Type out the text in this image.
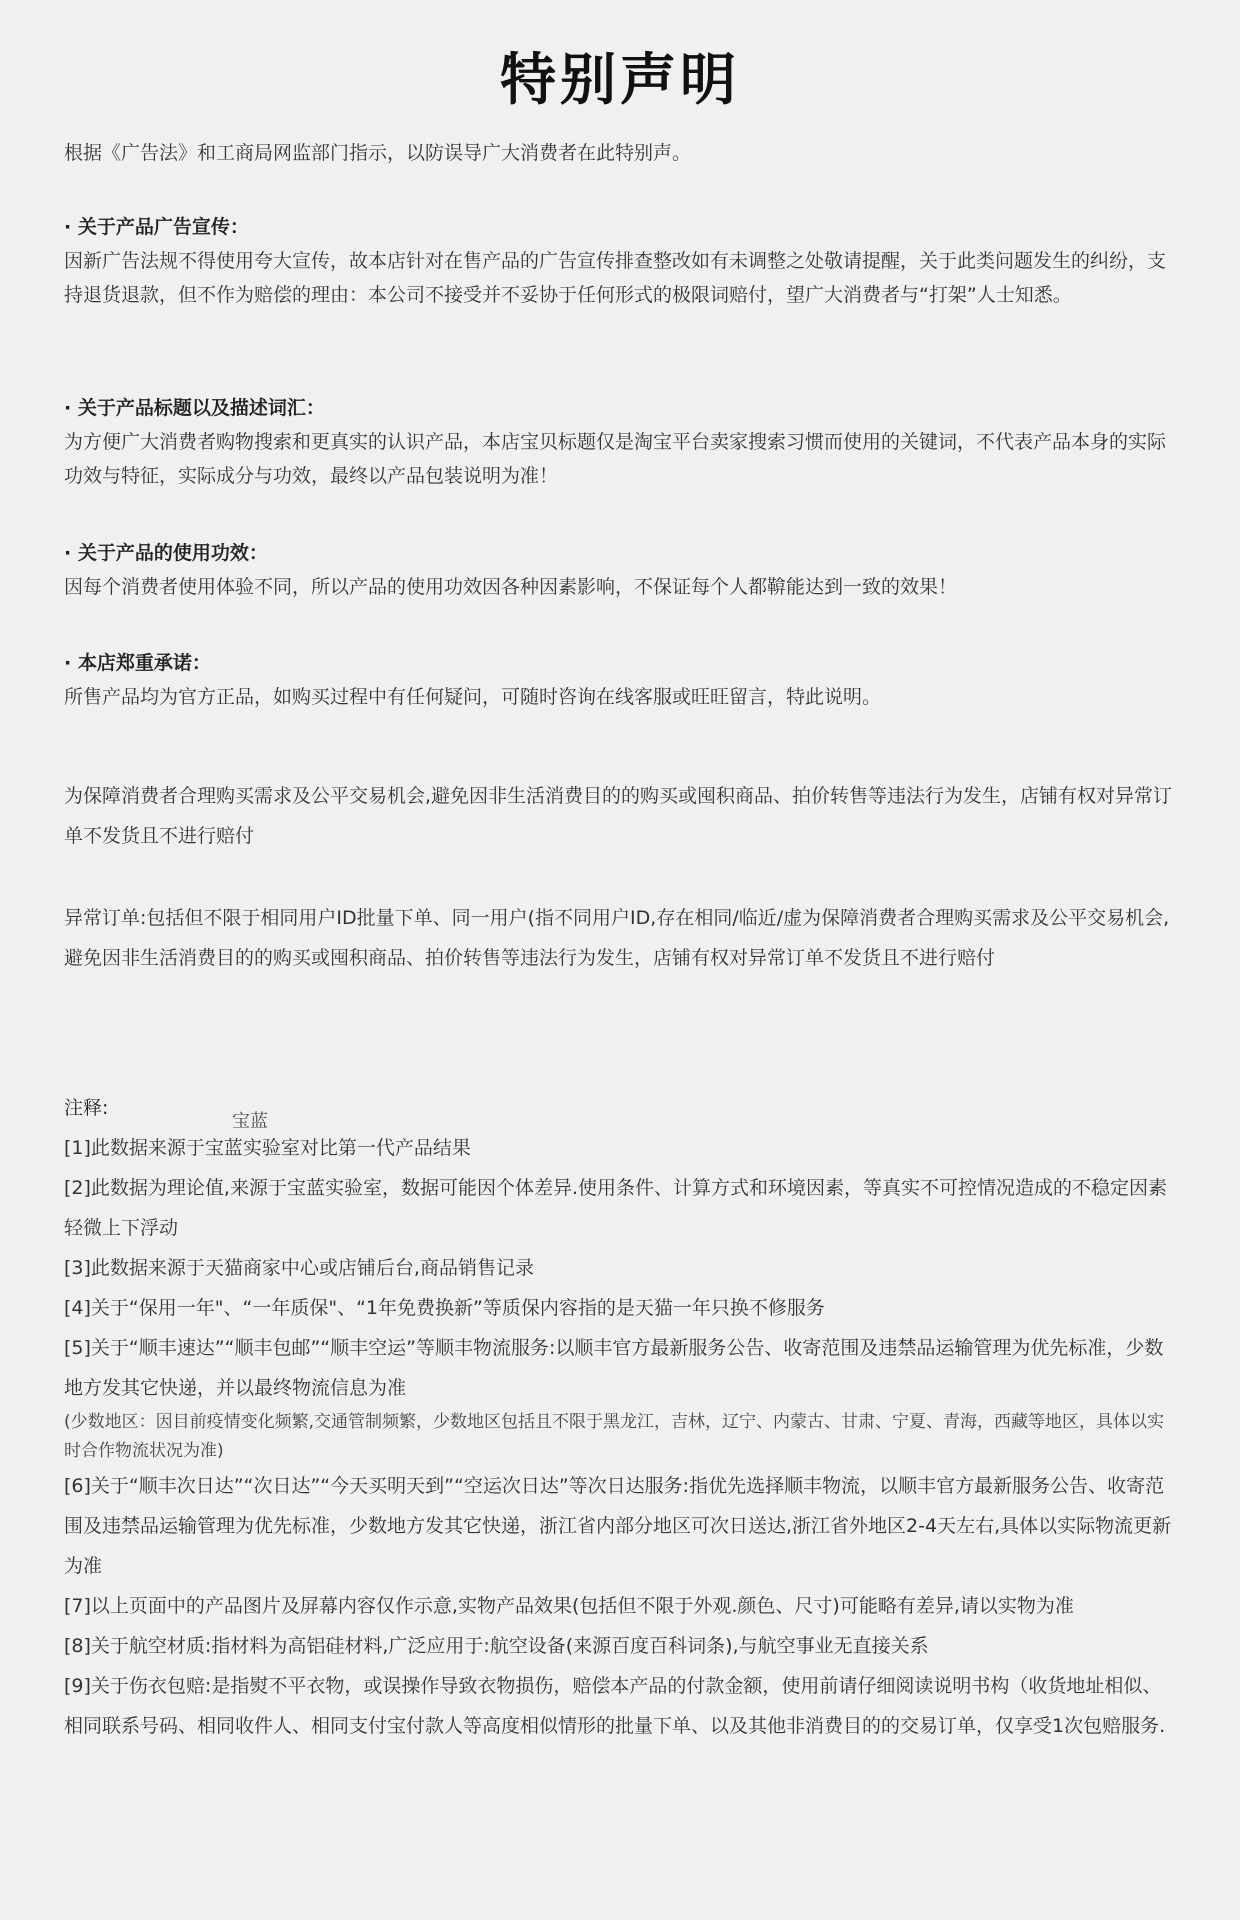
特别声明

根据《广告法》和工商局网监部门指示，以防误导广大消费者在此特别声。

· 关于产品广告宣传：

因新广告法规不得使用夸大宣传，故本店针对在售产品的广告宣传排查整改如有未调整之处敬请提醒，关于此类问题发生的纠纷，支持退货退款，但不作为赔偿的理由：本公司不接受并不妥协于任何形式的极限词赔付，望广大消费者与“打架”人士知悉。

· 关于产品标题以及描述词汇：

为方便广大消费者购物搜索和更真实的认识产品，本店宝贝标题仅是淘宝平台卖家搜索习惯而使用的关键词，不代表产品本身的实际功效与特征，实际成分与功效，最终以产品包装说明为准！

· 关于产品的使用功效：

因每个消费者使用体验不同，所以产品的使用功效因各种因素影响，不保证每个人都鞥能达到一致的效果！

· 本店郑重承诺：

所售产品均为官方正品，如购买过程中有任何疑问，可随时咨询在线客服或旺旺留言，特此说明。

为保障消费者合理购买需求及公平交易机会,避免因非生活消费目的的购买或囤积商品、拍价转售等违法行为发生，店铺有权对异常订单不发货且不进行赔付

异常订单:包括但不限于相同用户ID批量下单、同一用户(指不同用户ID,存在相同/临近/虚为保障消费者合理购买需求及公平交易机会,避免因非生活消费目的的购买或囤积商品、拍价转售等违法行为发生，店铺有权对异常订单不发货且不进行赔付

宝蓝

注释:

[1]此数据来源于宝蓝实验室对比第一代产品结果

[2]此数据为理论值,来源于宝蓝实验室，数据可能因个体差异.使用条件、计算方式和环境因素，等真实不可控情况造成的不稳定因素轻微上下浮动

[3]此数据来源于天猫商家中心或店铺后台,商品销售记录

[4]关于“保用一年"、“一年质保"、“1年免费换新”等质保内容指的是天猫一年只换不修服务

[5]关于“顺丰速达”“顺丰包邮”“顺丰空运”等顺丰物流服务:以顺丰官方最新服务公告、收寄范围及违禁品运输管理为优先标准，少数地方发其它快递，并以最终物流信息为准

(少数地区：因目前疫情变化频繁,交通管制频繁，少数地区包括且不限于黑龙江，吉林，辽宁、内蒙古、甘肃、宁夏、青海，西藏等地区，具体以实时合作物流状况为准)

[6]关于“顺丰次日达”“次日达”“今天买明天到”“空运次日达”等次日达服务:指优先选择顺丰物流，以顺丰官方最新服务公告、收寄范围及违禁品运输管理为优先标准，少数地方发其它快递，浙江省内部分地区可次日送达,浙江省外地区2-4天左右,具体以实际物流更新为准

[7]以上页面中的产品图片及屏幕内容仅作示意,实物产品效果(包括但不限于外观.颜色、尺寸)可能略有差异,请以实物为准

[8]关于航空材质:指材料为高铝硅材料,广泛应用于:航空设备(来源百度百科词条),与航空事业无直接关系

[9]关于伤衣包赔:是指熨不平衣物，或误操作导致衣物损伤，赔偿本产品的付款金额，使用前请仔细阅读说明书构（收货地址相似、相同联系号码、相同收件人、相同支付宝付款人等高度相似情形的批量下单、以及其他非消费目的的交易订单，仅享受1次包赔服务.
